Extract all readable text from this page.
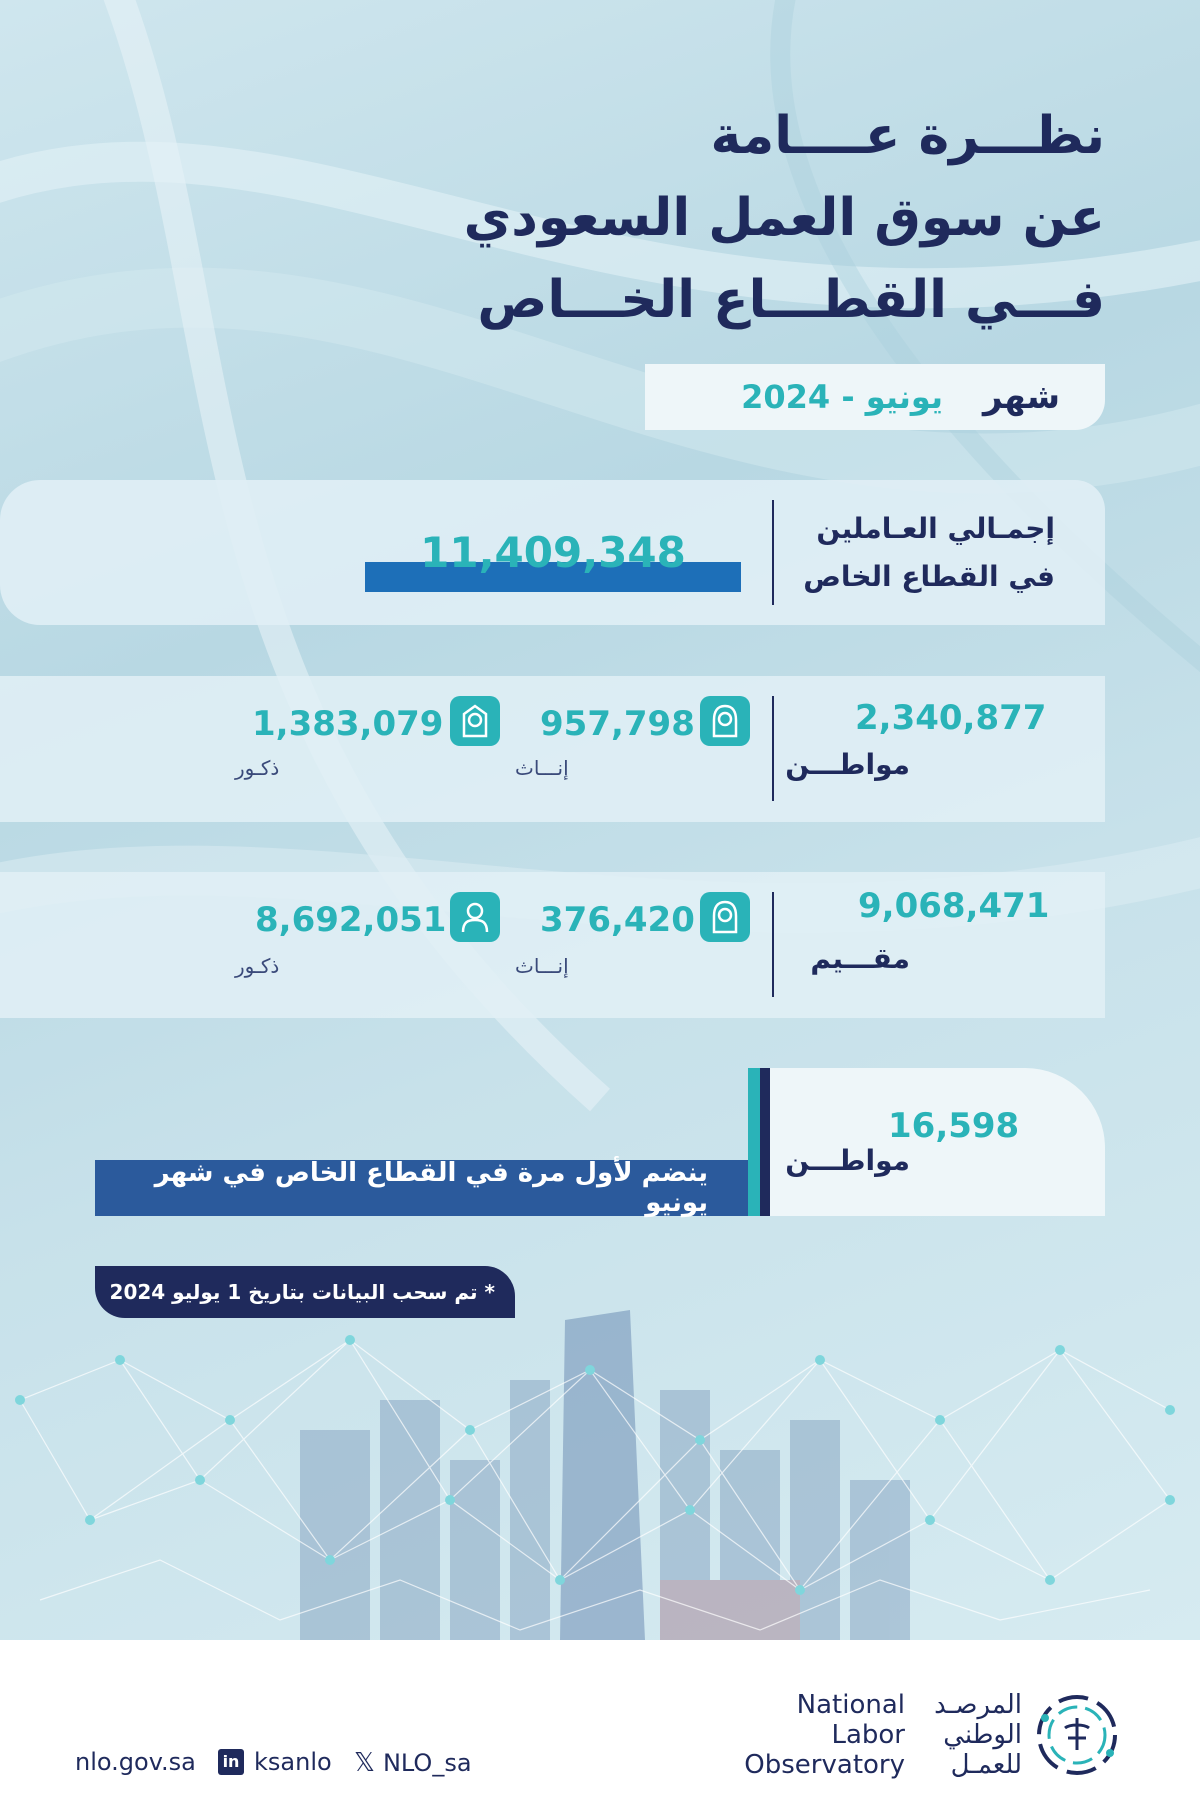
نظـــرة عــــامة
عن سوق العمل السعودي
فـــي القطـــاع الخـــاص
شهر
يونيو - 2024
إجمـالي العـاملين
في القطاع الخاص
11,409,348
2,340,877
مواطـــن
957,798
إنـــاث
1,383,079
ذكـور
9,068,471
مقـــيم
376,420
إنـــاث
8,692,051
ذكـور
16,598
مواطـــن
ينضم لأول مرة في القطاع الخاص في شهر يونيو
* تم سحب البيانات بتاريخ 1 يوليو 2024
nlo.gov.sa in ksanlo 𝕏 NLO_sa
National
Labor
Observatory
المرصـد
الوطني
للعمـل
